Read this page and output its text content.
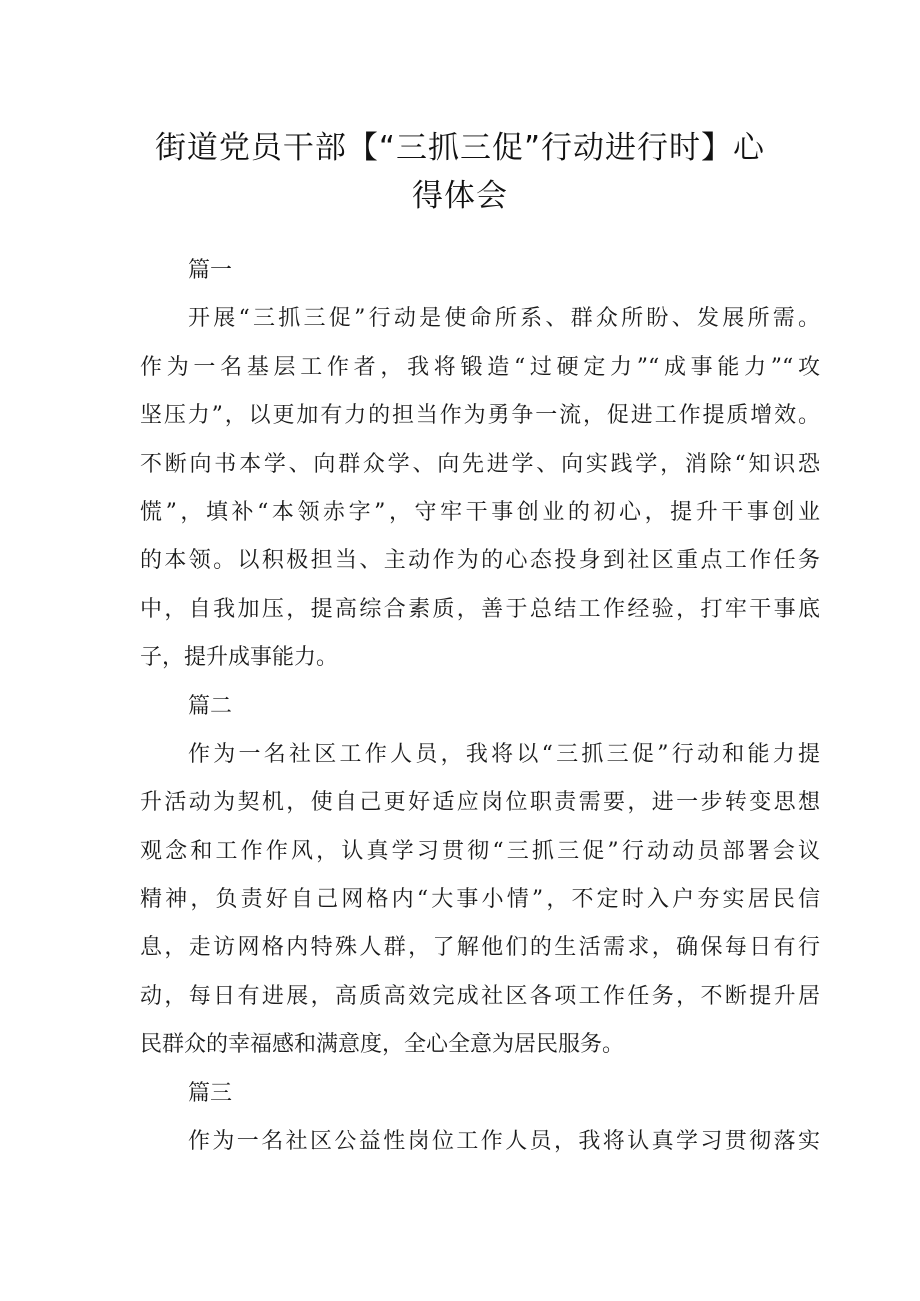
街道党员干部【“三抓三促”行动进行时】心
得体会
篇一
开展“三抓三促”行动是使命所系、群众所盼、发展所需。
作为一名基层工作者，我将锻造“过硬定力”“成事能力”“攻
坚压力”，以更加有力的担当作为勇争一流，促进工作提质增效。
不断向书本学、向群众学、向先进学、向实践学，消除“知识恐
慌”，填补“本领赤字”，守牢干事创业的初心，提升干事创业
的本领。以积极担当、主动作为的心态投身到社区重点工作任务
中，自我加压，提高综合素质，善于总结工作经验，打牢干事底
子，提升成事能力。
篇二
作为一名社区工作人员，我将以“三抓三促”行动和能力提
升活动为契机，使自己更好适应岗位职责需要，进一步转变思想
观念和工作作风，认真学习贯彻“三抓三促”行动动员部署会议
精神，负责好自己网格内“大事小情”，不定时入户夯实居民信
息，走访网格内特殊人群，了解他们的生活需求，确保每日有行
动，每日有进展，高质高效完成社区各项工作任务，不断提升居
民群众的幸福感和满意度，全心全意为居民服务。
篇三
作为一名社区公益性岗位工作人员，我将认真学习贯彻落实
